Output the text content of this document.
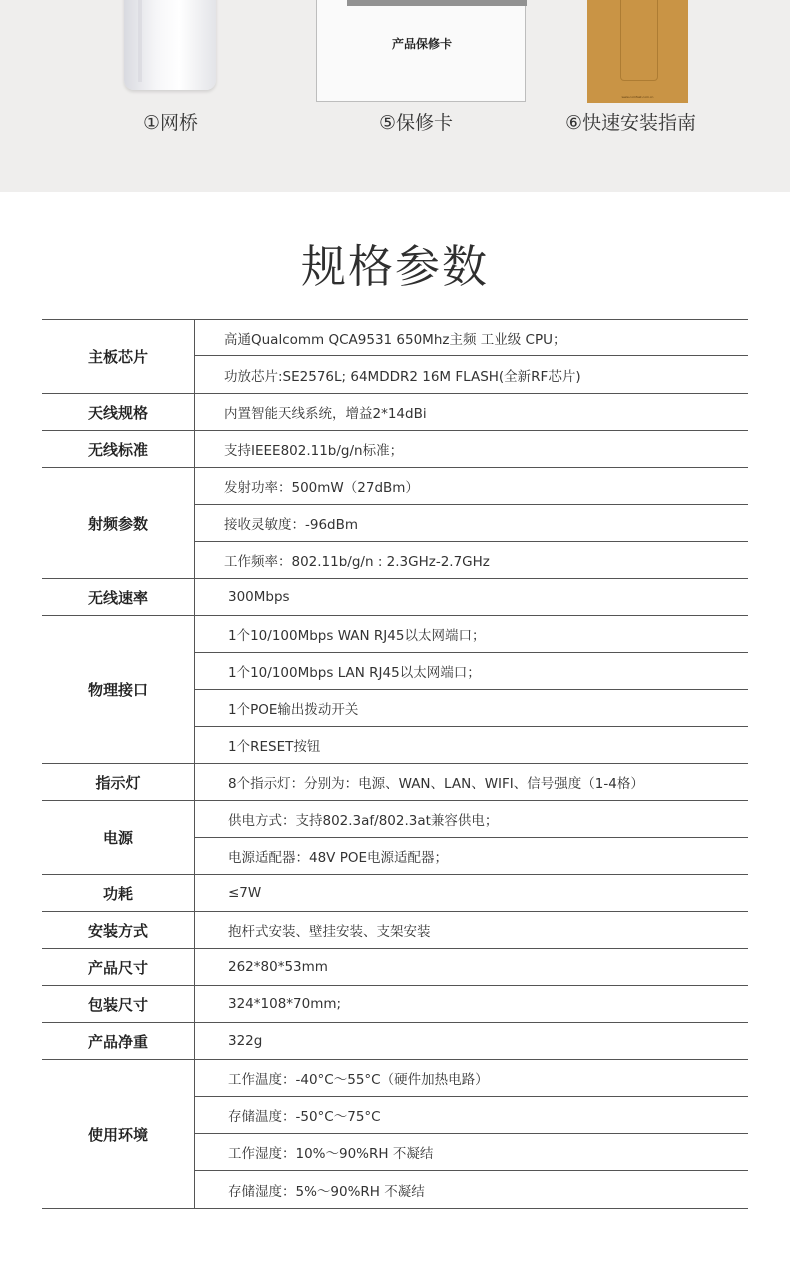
①网桥
产品保修卡
⑤保修卡
www.comfast.com.cn
⑥快速安装指南
规格参数
主板芯片	高通Qualcomm QCA9531 650Mhz主频 工业级 CPU；
	功放芯片:SE2576L; 64MDDR2 16M FLASH(全新RF芯片)
天线规格	内置智能天线系统，增益2*14dBi
无线标准	支持IEEE802.11b/g/n标准；
射频参数	发射功率：500mW（27dBm）
	接收灵敏度：-96dBm
	工作频率：802.11b/g/n : 2.3GHz-2.7GHz
无线速率	300Mbps
物理接口	1个10/100Mbps WAN RJ45以太网端口；
	1个10/100Mbps LAN RJ45以太网端口；
	1个POE输出拨动开关
	1个RESET按钮
指示灯	8个指示灯：分别为：电源、WAN、LAN、WIFI、信号强度（1-4格）
电源	供电方式：支持802.3af/802.3at兼容供电；
	电源适配器：48V POE电源适配器；
功耗	≤7W
安装方式	抱杆式安装、壁挂安装、支架安装
产品尺寸	262*80*53mm
包装尺寸	324*108*70mm;
产品净重	322g
使用环境	工作温度：-40°C～55°C（硬件加热电路）
	存储温度：-50°C～75°C
	工作湿度：10%～90%RH 不凝结
	存储湿度：5%～90%RH 不凝结
